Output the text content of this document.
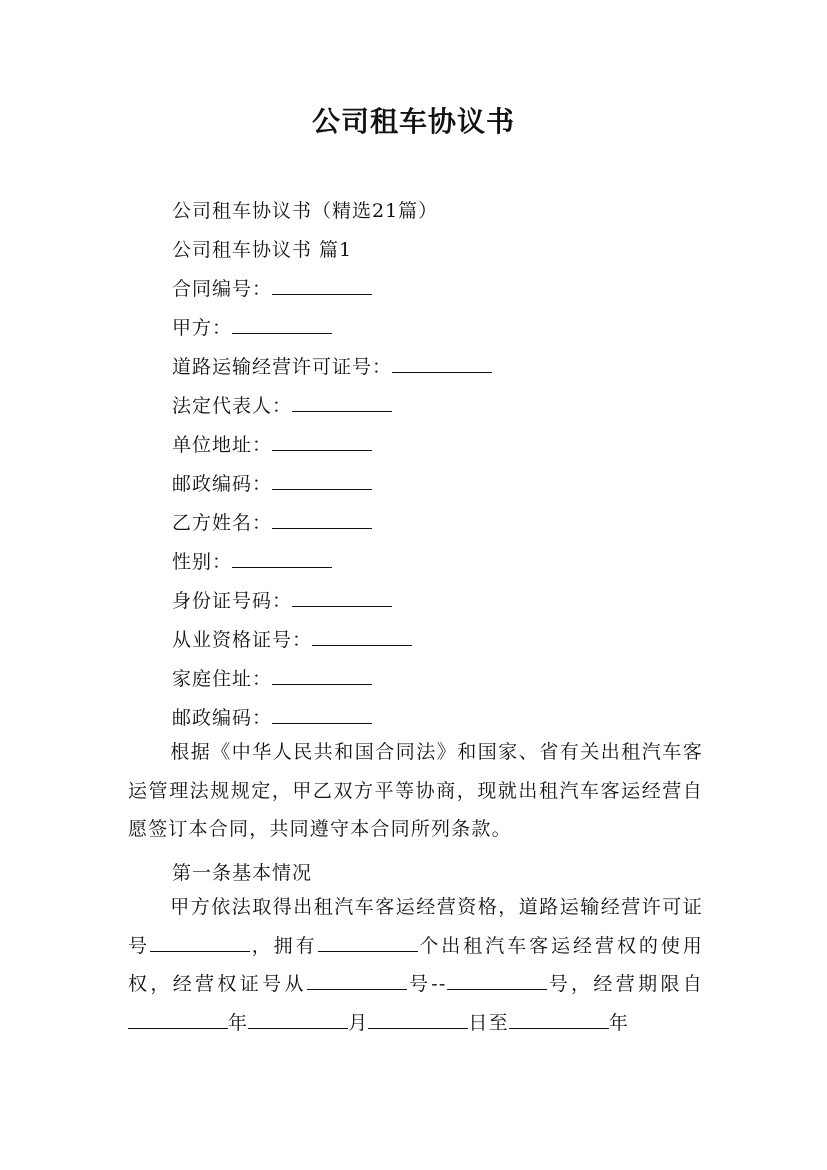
公司租车协议书
公司租车协议书（精选21篇）
公司租车协议书 篇1
合同编号：
甲方：
道路运输经营许可证号：
法定代表人：
单位地址：
邮政编码：
乙方姓名：
性别：
身份证号码：
从业资格证号：
家庭住址：
邮政编码：
根据《中华人民共和国合同法》和国家、省有关出租汽车客运管理法规规定，甲乙双方平等协商，现就出租汽车客运经营自愿签订本合同，共同遵守本合同所列条款。
第一条基本情况
甲方依法取得出租汽车客运经营资格，道路运输经营许可证号	，拥有	个出租汽车客运经营权的使用权，经营权证号从	号--	号，经营期限自年	月	日至	年
